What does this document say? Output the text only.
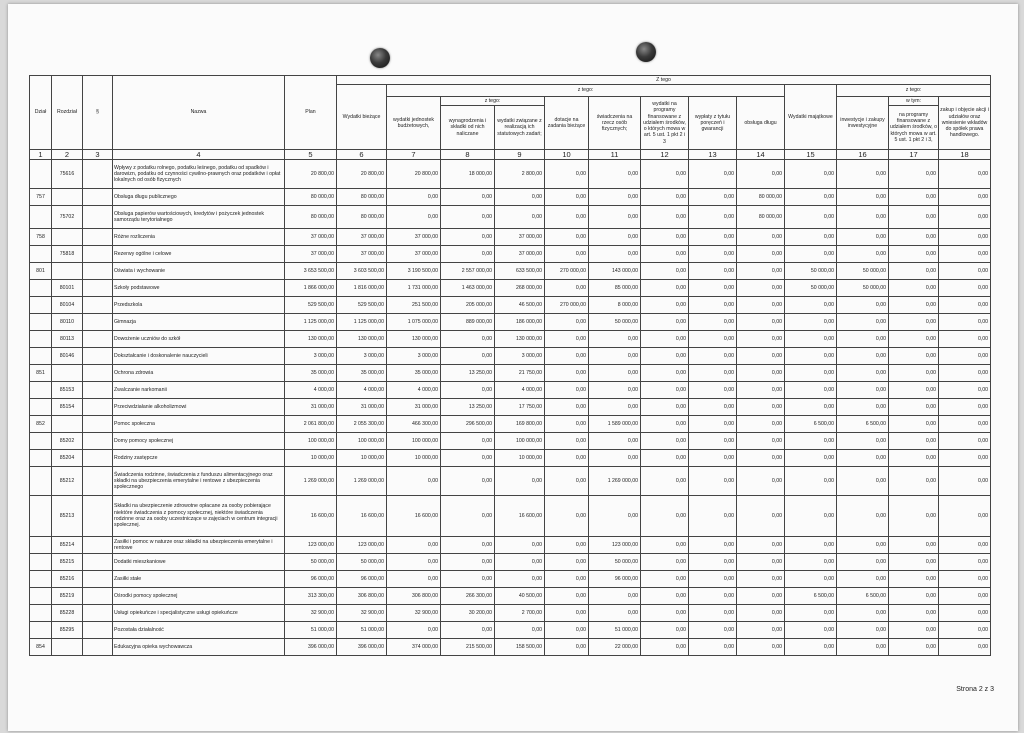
Dział	Rozdział	§	Nazwa	Plan	Z tego												
					Wydatki bieżące	z tego:								Wydatki majątkowe	z tego:		
						wydatki jednostek budżetowych,	z tego:		dotacje na zadania bieżące	świadczenia na rzecz osób fizycznych;	wydatki na programy finansowane z udziałem środków, o których mowa w art. 5 ust. 1 pkt 2 i 3	wypłaty z tytułu poręczeń i gwarancji	obsługa długu		inwestycje i zakupy inwestycyjne	w tym:	zakup i objęcie akcji i udziałów oraz wniesienie wkładów do spółek prawa handlowego.
							wynagrodzenia i składki od nich naliczane	wydatki związane z realizacją ich statutowych zadań;								na programy finansowane z udziałem środków, o których mowa w art. 5 ust. 1 pkt 2 i 3,	
1	2	3	4	5	6	7	8	9	10	11	12	13	14	15	16	17	18
	75616		Wpływy z podatku rolnego, podatku leśnego, podatku od spadków i darowizn, podatku od czynności cywilno-prawnych oraz podatków i opłat lokalnych od osób fizycznych	20 800,00	20 800,00	20 800,00	18 000,00	2 800,00	0,00	0,00	0,00	0,00	0,00	0,00	0,00	0,00	0,00
757			Obsługa długu publicznego	80 000,00	80 000,00	0,00	0,00	0,00	0,00	0,00	0,00	0,00	80 000,00	0,00	0,00	0,00	0,00
	75702		Obsługa papierów wartościowych, kredytów i pożyczek jednostek samorządu terytorialnego	80 000,00	80 000,00	0,00	0,00	0,00	0,00	0,00	0,00	0,00	80 000,00	0,00	0,00	0,00	0,00
758			Różne rozliczenia	37 000,00	37 000,00	37 000,00	0,00	37 000,00	0,00	0,00	0,00	0,00	0,00	0,00	0,00	0,00	0,00
	75818		Rezerwy ogólne i celowe	37 000,00	37 000,00	37 000,00	0,00	37 000,00	0,00	0,00	0,00	0,00	0,00	0,00	0,00	0,00	0,00
801			Oświata i wychowanie	3 653 500,00	3 603 500,00	3 190 500,00	2 557 000,00	633 500,00	270 000,00	143 000,00	0,00	0,00	0,00	50 000,00	50 000,00	0,00	0,00
	80101		Szkoły podstawowe	1 866 000,00	1 816 000,00	1 731 000,00	1 463 000,00	268 000,00	0,00	85 000,00	0,00	0,00	0,00	50 000,00	50 000,00	0,00	0,00
	80104		Przedszkola	529 500,00	529 500,00	251 500,00	205 000,00	46 500,00	270 000,00	8 000,00	0,00	0,00	0,00	0,00	0,00	0,00	0,00
	80110		Gimnazja	1 125 000,00	1 125 000,00	1 075 000,00	889 000,00	186 000,00	0,00	50 000,00	0,00	0,00	0,00	0,00	0,00	0,00	0,00
	80113		Dowożenie uczniów do szkół	130 000,00	130 000,00	130 000,00	0,00	130 000,00	0,00	0,00	0,00	0,00	0,00	0,00	0,00	0,00	0,00
	80146		Dokształcanie i doskonalenie nauczycieli	3 000,00	3 000,00	3 000,00	0,00	3 000,00	0,00	0,00	0,00	0,00	0,00	0,00	0,00	0,00	0,00
851			Ochrona zdrowia	35 000,00	35 000,00	35 000,00	13 250,00	21 750,00	0,00	0,00	0,00	0,00	0,00	0,00	0,00	0,00	0,00
	85153		Zwalczanie narkomanii	4 000,00	4 000,00	4 000,00	0,00	4 000,00	0,00	0,00	0,00	0,00	0,00	0,00	0,00	0,00	0,00
	85154		Przeciwdziałanie alkoholizmowi	31 000,00	31 000,00	31 000,00	13 250,00	17 750,00	0,00	0,00	0,00	0,00	0,00	0,00	0,00	0,00	0,00
852			Pomoc społeczna	2 061 800,00	2 055 300,00	466 300,00	296 500,00	169 800,00	0,00	1 589 000,00	0,00	0,00	0,00	6 500,00	6 500,00	0,00	0,00
	85202		Domy pomocy społecznej	100 000,00	100 000,00	100 000,00	0,00	100 000,00	0,00	0,00	0,00	0,00	0,00	0,00	0,00	0,00	0,00
	85204		Rodziny zastępcze	10 000,00	10 000,00	10 000,00	0,00	10 000,00	0,00	0,00	0,00	0,00	0,00	0,00	0,00	0,00	0,00
	85212		Świadczenia rodzinne, świadczenia z funduszu alimentacyjnego oraz składki na ubezpieczenia emerytalne i rentowe z ubezpieczenia społecznego	1 269 000,00	1 269 000,00	0,00	0,00	0,00	0,00	1 269 000,00	0,00	0,00	0,00	0,00	0,00	0,00	0,00
	85213		Składki na ubezpieczenie zdrowotne opłacane za osoby pobierające niektóre świadczenia z pomocy społecznej, niektóre świadczenia rodzinne oraz za osoby uczestniczące w zajęciach w centrum integracji społecznej.	16 600,00	16 600,00	16 600,00	0,00	16 600,00	0,00	0,00	0,00	0,00	0,00	0,00	0,00	0,00	0,00
	85214		Zasiłki i pomoc w naturze oraz składki na ubezpieczenia emerytalne i rentowe	123 000,00	123 000,00	0,00	0,00	0,00	0,00	123 000,00	0,00	0,00	0,00	0,00	0,00	0,00	0,00
	85215		Dodatki mieszkaniowe	50 000,00	50 000,00	0,00	0,00	0,00	0,00	50 000,00	0,00	0,00	0,00	0,00	0,00	0,00	0,00
	85216		Zasiłki stałe	96 000,00	96 000,00	0,00	0,00	0,00	0,00	96 000,00	0,00	0,00	0,00	0,00	0,00	0,00	0,00
	85219		Ośrodki pomocy społecznej	313 300,00	306 800,00	306 800,00	266 300,00	40 500,00	0,00	0,00	0,00	0,00	0,00	6 500,00	6 500,00	0,00	0,00
	85228		Usługi opiekuńcze i specjalistyczne usługi opiekuńcze	32 900,00	32 900,00	32 900,00	30 200,00	2 700,00	0,00	0,00	0,00	0,00	0,00	0,00	0,00	0,00	0,00
	85295		Pozostała działalność	51 000,00	51 000,00	0,00	0,00	0,00	0,00	51 000,00	0,00	0,00	0,00	0,00	0,00	0,00	0,00
854			Edukacyjna opieka wychowawcza	396 000,00	396 000,00	374 000,00	215 500,00	158 500,00	0,00	22 000,00	0,00	0,00	0,00	0,00	0,00	0,00	0,00
Strona 2 z 3
